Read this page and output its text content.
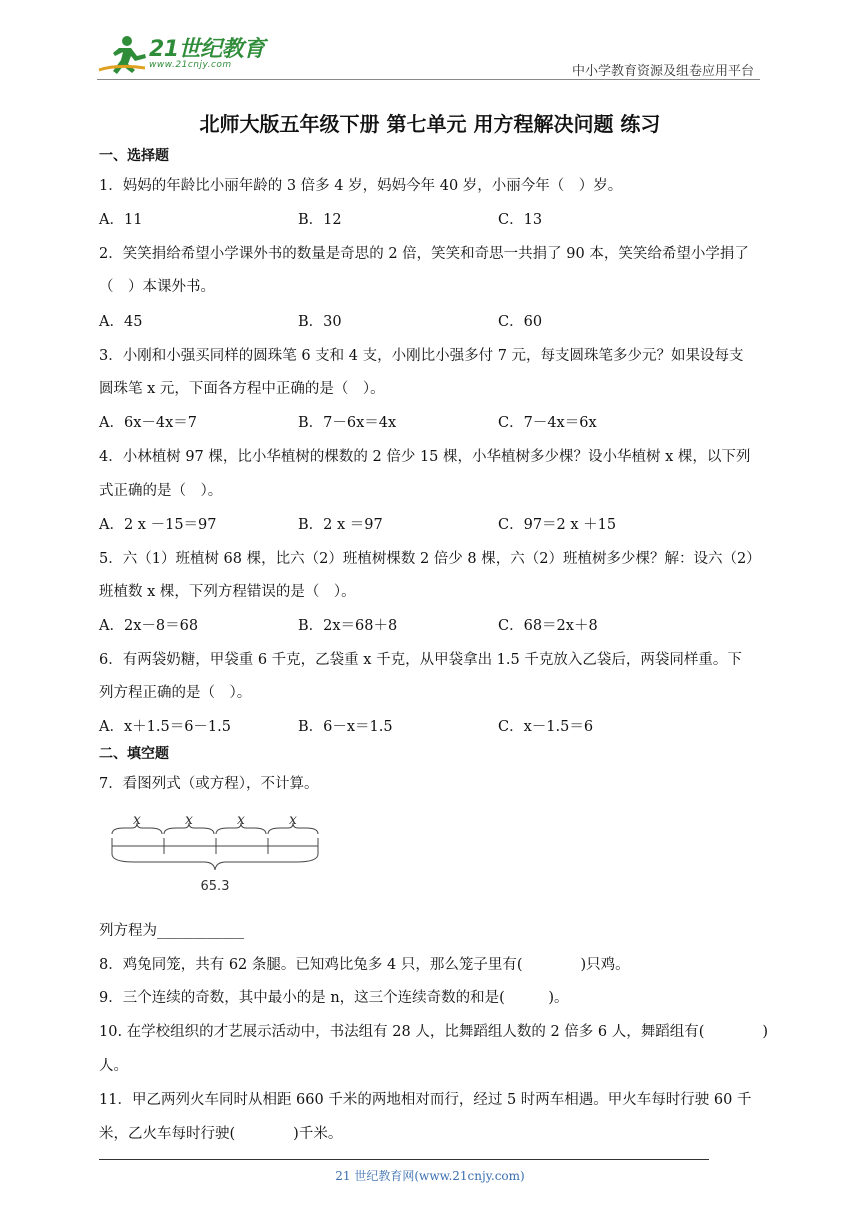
21世纪教育
www.21cnjy.com	中小学教育资源及组卷应用平台
北师大版五年级下册 第七单元 用方程解决问题 练习
一、选择题
1．妈妈的年龄比小丽年龄的 3 倍多 4 岁，妈妈今年 40 岁，小丽今年（　）岁。
A．11	B．12	C．13
2．笑笑捐给希望小学课外书的数量是奇思的 2 倍，笑笑和奇思一共捐了 90 本，笑笑给希望小学捐了
（　）本课外书。
A．45	B．30	C．60
3．小刚和小强买同样的圆珠笔 6 支和 4 支，小刚比小强多付 7 元，每支圆珠笔多少元？如果设每支
圆珠笔 x 元，下面各方程中正确的是（　）。
A．6x－4x＝7	B．7－6x＝4x	C．7－4x＝6x
4．小林植树 97 棵，比小华植树的棵数的 2 倍少 15 棵，小华植树多少棵？设小华植树 x 棵，以下列
式正确的是（　）。
A．2 x －15＝97	B．2 x ＝97	C．97＝2 x ＋15
5．六（1）班植树 68 棵，比六（2）班植树棵数 2 倍少 8 棵，六（2）班植树多少棵？解：设六（2）
班植数 x 棵，下列方程错误的是（　）。
A．2x－8＝68	B．2x＝68＋8	C．68＝2x＋8
6．有两袋奶糖，甲袋重 6 千克，乙袋重 x 千克，从甲袋拿出 1.5 千克放入乙袋后，两袋同样重。下
列方程正确的是（　）。
A．x＋1.5＝6－1.5	B．6－x＝1.5	C．x－1.5＝6
二、填空题
7．看图列式（或方程），不计算。
x	x	x	x
65.3
列方程为____________
8．鸡兔同笼，共有 62 条腿。已知鸡比兔多 4 只，那么笼子里有(　　　　)只鸡。
9．三个连续的奇数，其中最小的是 n，这三个连续奇数的和是(　　　)。
10. 在学校组织的才艺展示活动中，书法组有 28 人，比舞蹈组人数的 2 倍多 6 人，舞蹈组有(　　　　)
人。
11．甲乙两列火车同时从相距 660 千米的两地相对而行，经过 5 时两车相遇。甲火车每时行驶 60 千
米，乙火车每时行驶(　　　　)千米。
21 世纪教育网(www.21cnjy.com)
